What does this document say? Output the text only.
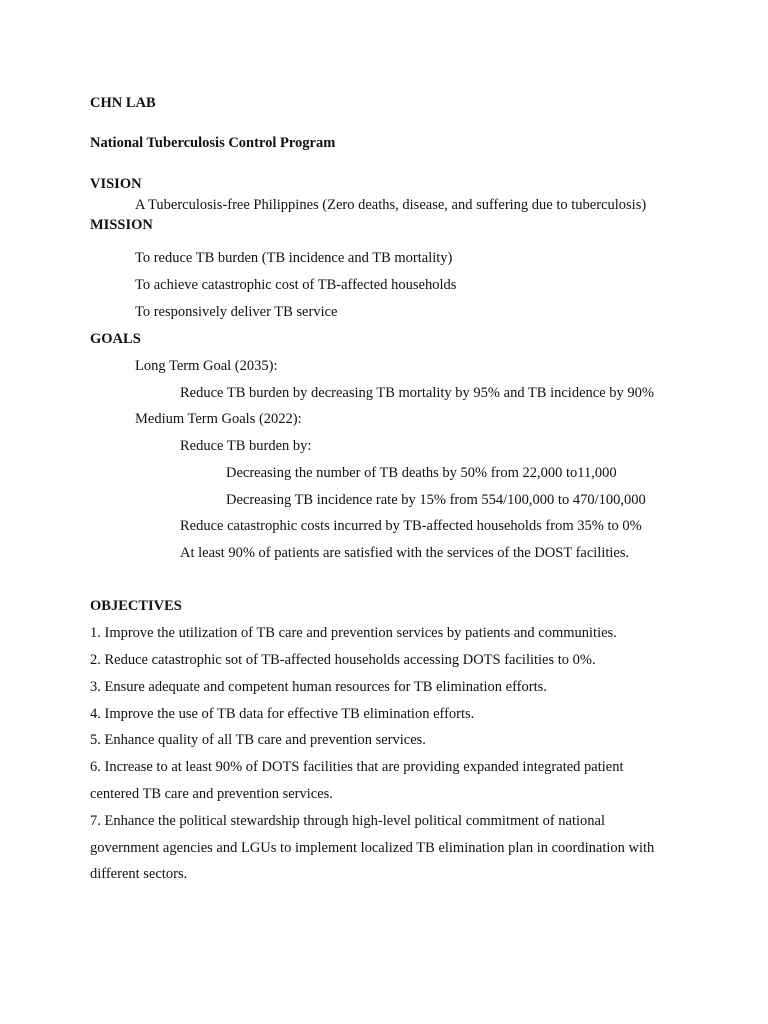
CHN LAB

National Tuberculosis Control Program

VISION

A Tuberculosis-free Philippines (Zero deaths, disease, and suffering due to tuberculosis)

MISSION

To reduce TB burden (TB incidence and TB mortality)

To achieve catastrophic cost of TB-affected households

To responsively deliver TB service

GOALS

Long Term Goal (2035):

Reduce TB burden by decreasing TB mortality by 95% and TB incidence by 90%

Medium Term Goals (2022):

Reduce TB burden by:

Decreasing the number of TB deaths by 50% from 22,000 to11,000

Decreasing TB incidence rate by 15% from 554/100,000 to 470/100,000

Reduce catastrophic costs incurred by TB-affected households from 35% to 0%

At least 90% of patients are satisfied with the services of the DOST facilities.

OBJECTIVES

1. Improve the utilization of TB care and prevention services by patients and communities.

2. Reduce catastrophic sot of TB-affected households accessing DOTS facilities to 0%.

3. Ensure adequate and competent human resources for TB elimination efforts.

4. Improve the use of TB data for effective TB elimination efforts.

5. Enhance quality of all TB care and prevention services.

6. Increase to at least 90% of DOTS facilities that are providing expanded integrated patient

centered TB care and prevention services.

7. Enhance the political stewardship through high-level political commitment of national

government agencies and LGUs to implement localized TB elimination plan in coordination with

different sectors.
